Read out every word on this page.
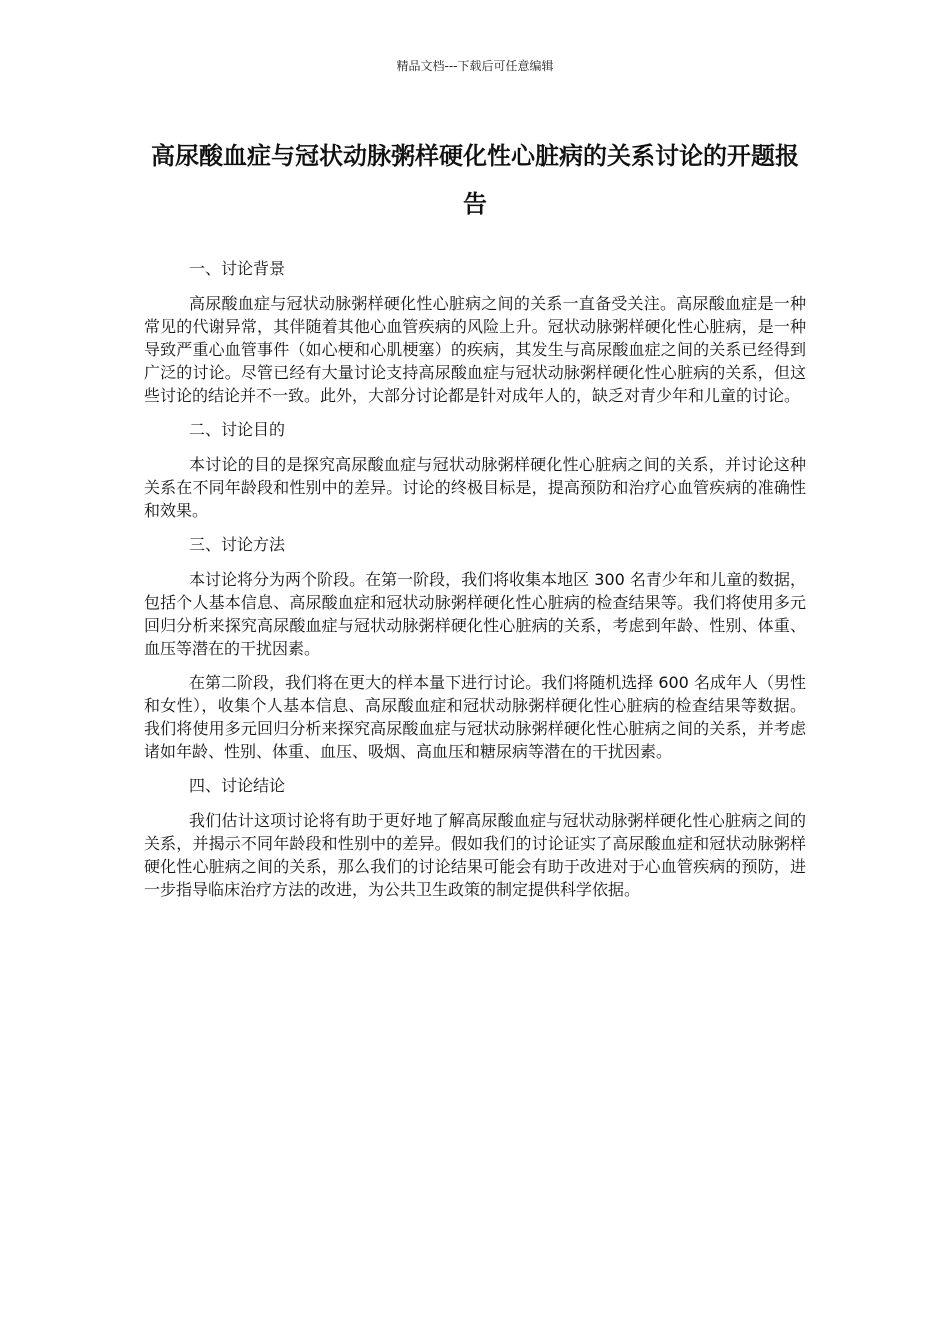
精品文档---下载后可任意编辑
高尿酸血症与冠状动脉粥样硬化性心脏病的关系讨论的开题报告

一、讨论背景

高尿酸血症与冠状动脉粥样硬化性心脏病之间的关系一直备受关注。高尿酸血症是一种常见的代谢异常，其伴随着其他心血管疾病的风险上升。冠状动脉粥样硬化性心脏病，是一种导致严重心血管事件（如心梗和心肌梗塞）的疾病，其发生与高尿酸血症之间的关系已经得到广泛的讨论。尽管已经有大量讨论支持高尿酸血症与冠状动脉粥样硬化性心脏病的关系，但这些讨论的结论并不一致。此外，大部分讨论都是针对成年人的，缺乏对青少年和儿童的讨论。

二、讨论目的

本讨论的目的是探究高尿酸血症与冠状动脉粥样硬化性心脏病之间的关系，并讨论这种关系在不同年龄段和性别中的差异。讨论的终极目标是，提高预防和治疗心血管疾病的准确性和效果。

三、讨论方法

本讨论将分为两个阶段。在第一阶段，我们将收集本地区 300 名青少年和儿童的数据，包括个人基本信息、高尿酸血症和冠状动脉粥样硬化性心脏病的检查结果等。我们将使用多元回归分析来探究高尿酸血症与冠状动脉粥样硬化性心脏病的关系，考虑到年龄、性别、体重、血压等潜在的干扰因素。

在第二阶段，我们将在更大的样本量下进行讨论。我们将随机选择 600 名成年人（男性和女性），收集个人基本信息、高尿酸血症和冠状动脉粥样硬化性心脏病的检查结果等数据。我们将使用多元回归分析来探究高尿酸血症与冠状动脉粥样硬化性心脏病之间的关系，并考虑诸如年龄、性别、体重、血压、吸烟、高血压和糖尿病等潜在的干扰因素。

四、讨论结论

我们估计这项讨论将有助于更好地了解高尿酸血症与冠状动脉粥样硬化性心脏病之间的关系，并揭示不同年龄段和性别中的差异。假如我们的讨论证实了高尿酸血症和冠状动脉粥样硬化性心脏病之间的关系，那么我们的讨论结果可能会有助于改进对于心血管疾病的预防，进一步指导临床治疗方法的改进，为公共卫生政策的制定提供科学依据。
